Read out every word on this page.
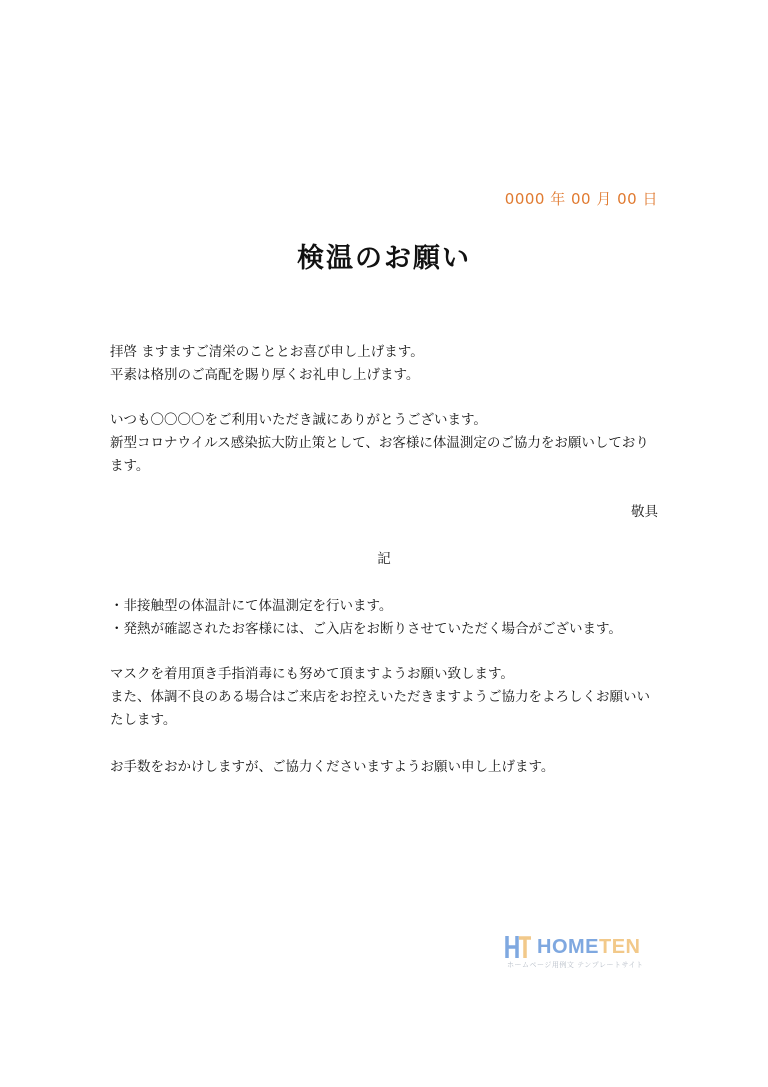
0000 年 00 月 00 日
検温のお願い
拝啓 ますますご清栄のこととお喜び申し上げます。
平素は格別のご高配を賜り厚くお礼申し上げます。
いつも〇〇〇〇をご利用いただき誠にありがとうございます。
新型コロナウイルス感染拡大防止策として、お客様に体温測定のご協力をお願いしており
ます。
敬具
記
・非接触型の体温計にて体温測定を行います。
・発熱が確認されたお客様には、ご入店をお断りさせていただく場合がございます。
マスクを着用頂き手指消毒にも努めて頂ますようお願い致します。
また、体調不良のある場合はご来店をお控えいただきますようご協力をよろしくお願いい
たします。
お手数をおかけしますが、ご協力くださいますようお願い申し上げます。
HOMETEN
ホームページ用例文 テンプレートサイト
